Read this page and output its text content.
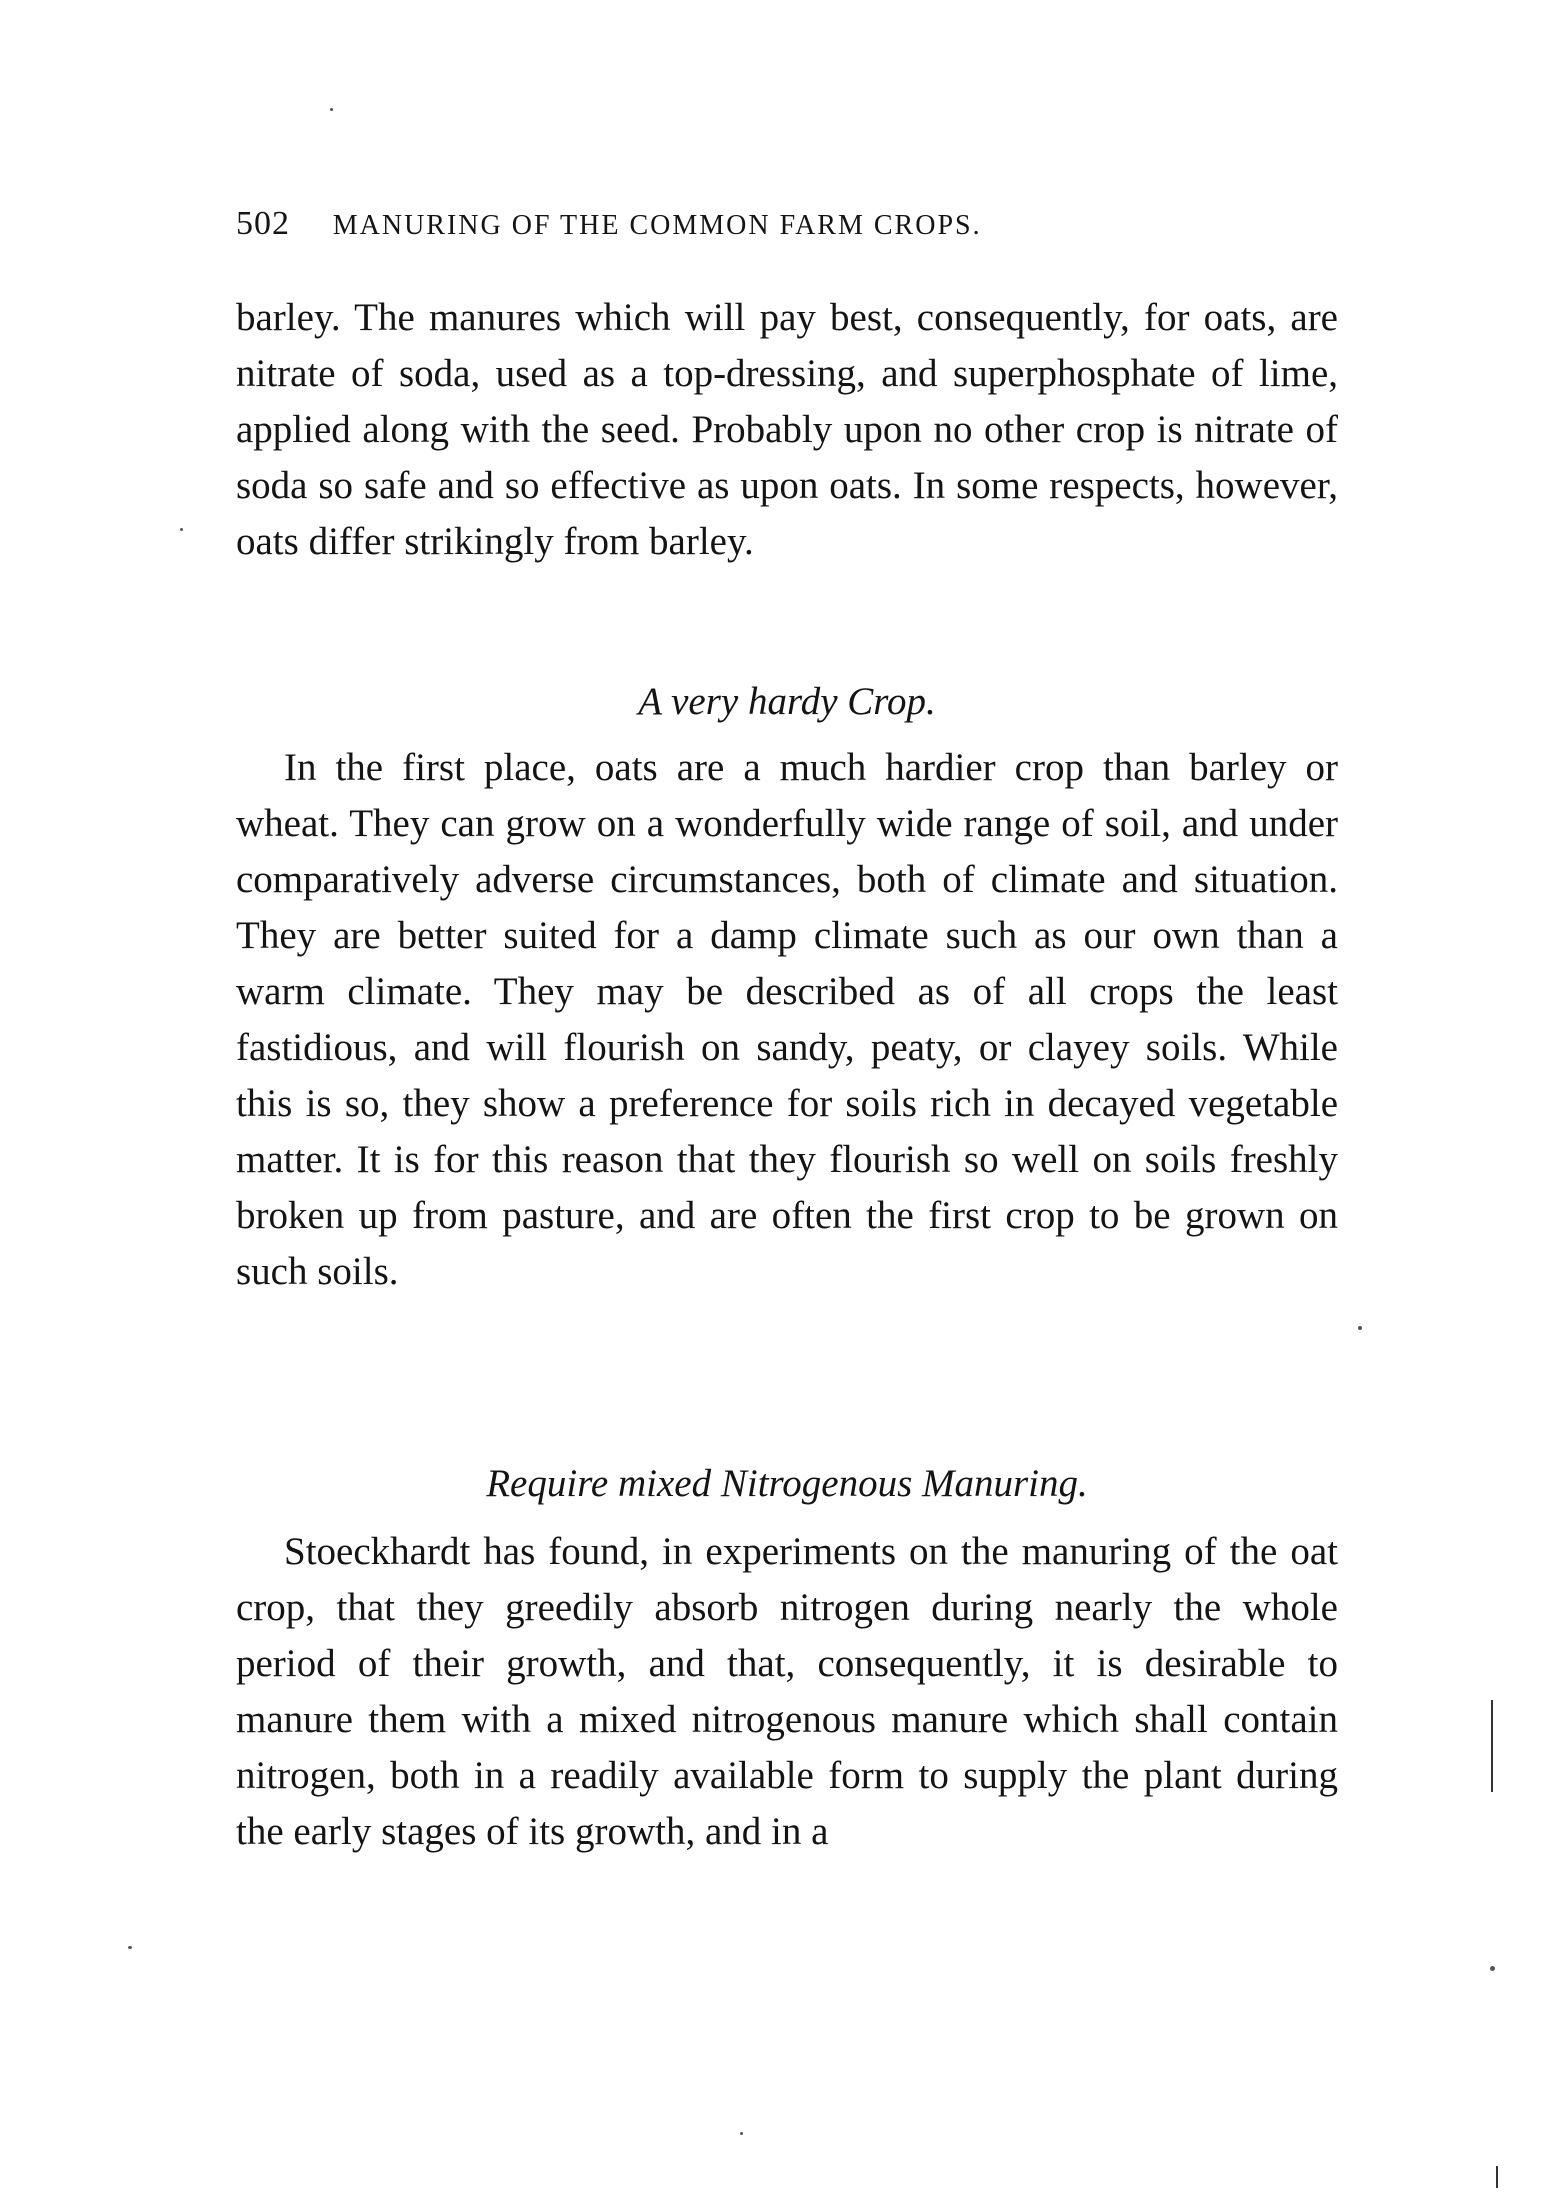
502 MANURING OF THE COMMON FARM CROPS.

barley. The manures which will pay best, consequently, for oats, are nitrate of soda, used as a top-dressing, and superphosphate of lime, applied along with the seed. Probably upon no other crop is nitrate of soda so safe and so effective as upon oats. In some respects, however, oats differ strikingly from barley.

A very hardy Crop.

In the first place, oats are a much hardier crop than barley or wheat. They can grow on a wonderfully wide range of soil, and under comparatively adverse circumstances, both of climate and situation. They are better suited for a damp climate such as our own than a warm climate. They may be described as of all crops the least fastidious, and will flourish on sandy, peaty, or clayey soils. While this is so, they show a preference for soils rich in decayed vegetable matter. It is for this reason that they flourish so well on soils freshly broken up from pasture, and are often the first crop to be grown on such soils.

Require mixed Nitrogenous Manuring.

Stoeckhardt has found, in experiments on the manuring of the oat crop, that they greedily absorb nitrogen during nearly the whole period of their growth, and that, consequently, it is desirable to manure them with a mixed nitrogenous manure which shall contain nitrogen, both in a readily available form to supply the plant during the early stages of its growth, and in a
